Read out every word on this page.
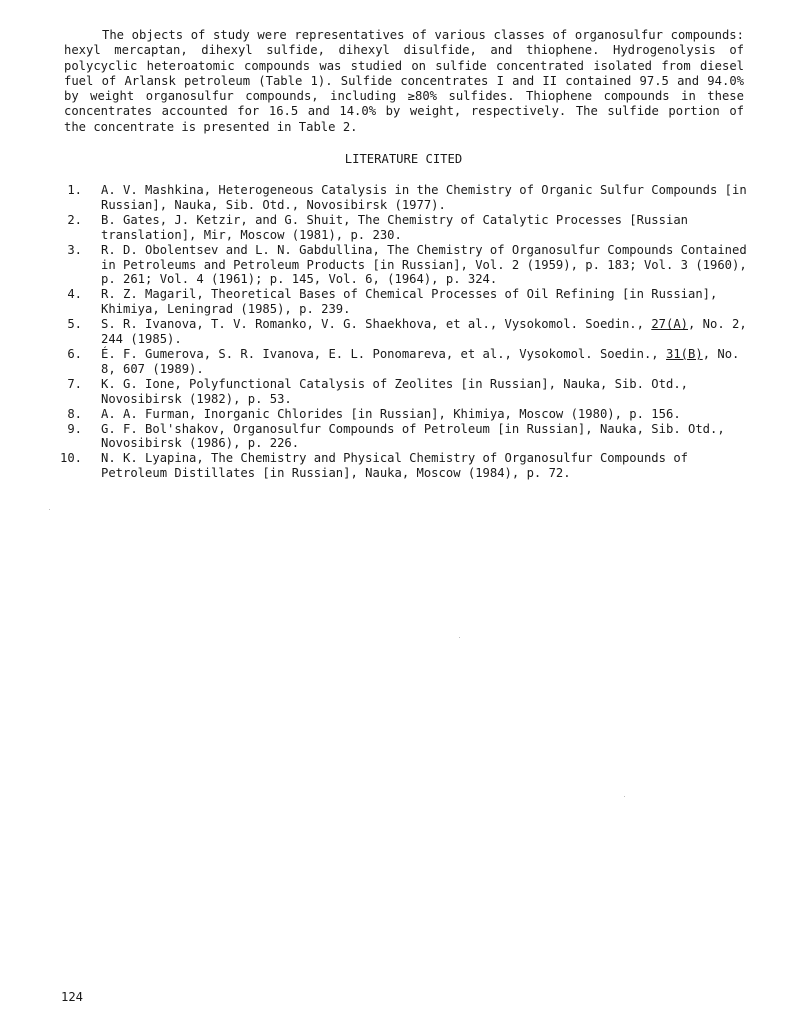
The objects of study were representatives of various classes of organosulfur compounds: hexyl mercaptan, dihexyl sulfide, dihexyl disulfide, and thiophene. Hydrogenolysis of polycyclic heteroatomic compounds was studied on sulfide concentrated isolated from diesel fuel of Arlansk petroleum (Table 1). Sulfide concentrates I and II contained 97.5 and 94.0% by weight organosulfur compounds, including ≥80% sulfides. Thiophene compounds in these concentrates accounted for 16.5 and 14.0% by weight, respectively. The sulfide portion of the concentrate is presented in Table 2.

LITERATURE CITED
1. A. V. Mashkina, Heterogeneous Catalysis in the Chemistry of Organic Sulfur Compounds [in Russian], Nauka, Sib. Otd., Novosibirsk (1977).
2. B. Gates, J. Ketzir, and G. Shuit, The Chemistry of Catalytic Processes [Russian translation], Mir, Moscow (1981), p. 230.
3. R. D. Obolentsev and L. N. Gabdullina, The Chemistry of Organosulfur Compounds Contained in Petroleums and Petroleum Products [in Russian], Vol. 2 (1959), p. 183; Vol. 3 (1960), p. 261; Vol. 4 (1961); p. 145, Vol. 6, (1964), p. 324.
4. R. Z. Magaril, Theoretical Bases of Chemical Processes of Oil Refining [in Russian], Khimiya, Leningrad (1985), p. 239.
5. S. R. Ivanova, T. V. Romanko, V. G. Shaekhova, et al., Vysokomol. Soedin., 27(A), No. 2, 244 (1985).
6. É. F. Gumerova, S. R. Ivanova, E. L. Ponomareva, et al., Vysokomol. Soedin., 31(B), No. 8, 607 (1989).
7. K. G. Ione, Polyfunctional Catalysis of Zeolites [in Russian], Nauka, Sib. Otd., Novosibirsk (1982), p. 53.
8. A. A. Furman, Inorganic Chlorides [in Russian], Khimiya, Moscow (1980), p. 156.
9. G. F. Bol'shakov, Organosulfur Compounds of Petroleum [in Russian], Nauka, Sib. Otd., Novosibirsk (1986), p. 226.
10. N. K. Lyapina, The Chemistry and Physical Chemistry of Organosulfur Compounds of Petroleum Distillates [in Russian], Nauka, Moscow (1984), p. 72.
124
